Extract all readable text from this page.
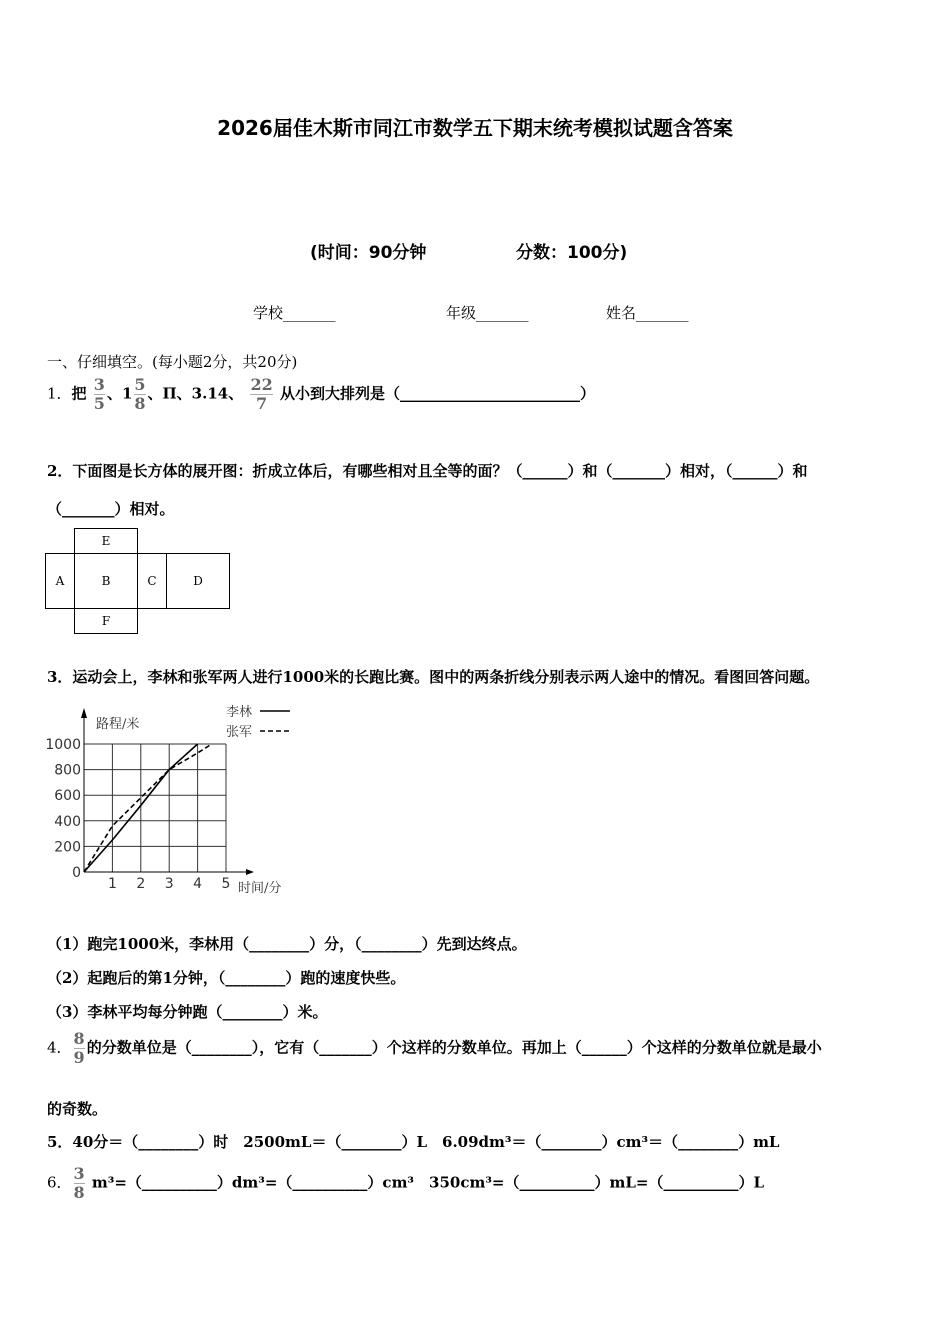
2026届佳木斯市同江市数学五下期末统考模拟试题含答案
(时间：90分钟	分数：100分)
学校_______	年级_______	姓名_______
一、仔细填空。(每小题2分，共20分)
1．把 $\frac{3}{5}$ 、$1 \frac{5}{8}$ 、Π、3.14、 $\frac{22}{7}$ 从小到大排列是（________________________）
2．下面图是长方体的展开图：折成立体后，有哪些相对且全等的面？（______）和（_______）相对，（______）和
（_______）相对。
E
A	B	C	D
F
3．运动会上，李林和张军两人进行1000米的长跑比赛。图中的两条折线分别表示两人途中的情况。看图回答问题。
0
200
400
600
800
1000
1 2 3 4 5
路程/米
时间/分
李林
张军
（1）跑完1000米，李林用（________）分，（________）先到达终点。
（2）起跑后的第1分钟，（________）跑的速度快些。
（3）李林平均每分钟跑（________）米。
4． $\frac{8}{9}$ 的分数单位是（________），它有（_______）个这样的分数单位。再加上（______）个这样的分数单位就是最小
的奇数。
5．40分＝（________）时　2500mL＝（________）L　6.09dm³＝（________）cm³＝（________）mL
6． $\frac{3}{8}$ m³=（__________）dm³=（__________）cm³　350cm³=（__________）mL=（__________）L
